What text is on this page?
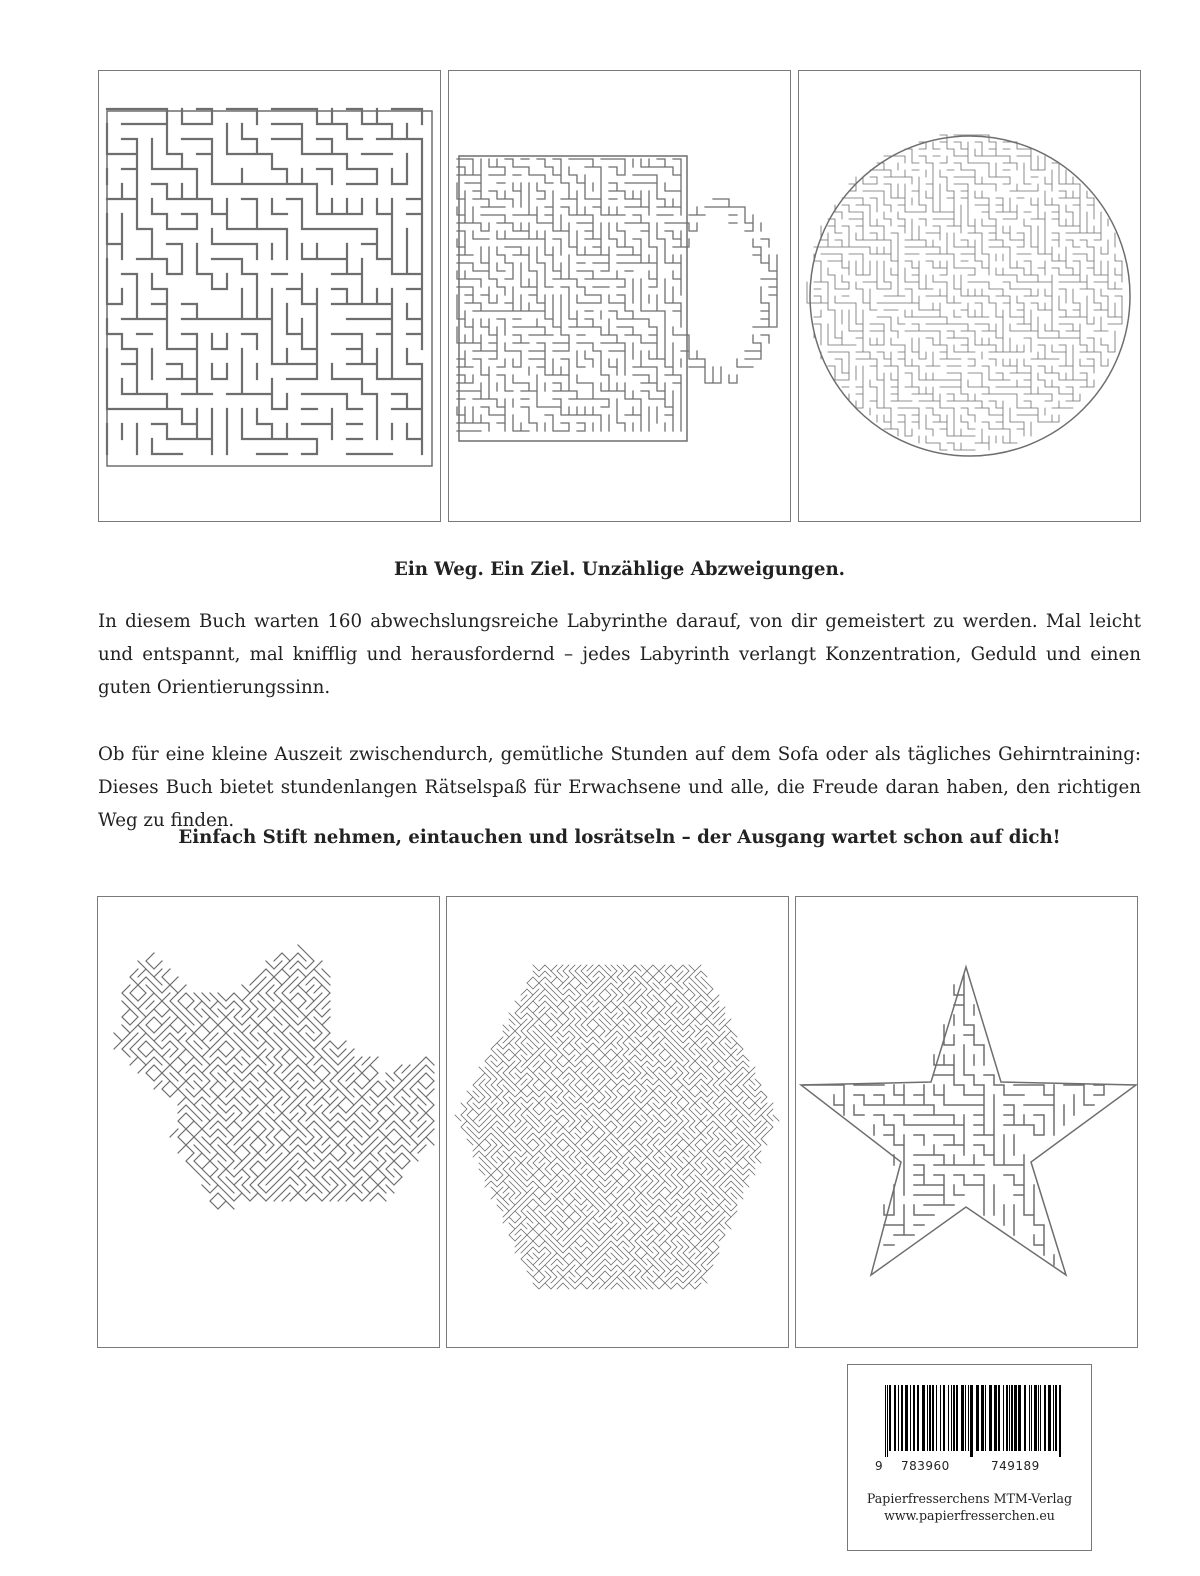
Ein Weg. Ein Ziel. Unzählige Abzweigungen.
In diesem Buch warten 160 abwechslungsreiche Labyrinthe darauf, von dir gemeistert zu werden. Mal leicht und entspannt, mal knifflig und herausfordernd – jedes Labyrinth verlangt Konzentration, Geduld und einen guten Orientierungssinn.
Ob für eine kleine Auszeit zwischendurch, gemütliche Stunden auf dem Sofa oder als tägliches Gehirntraining: Dieses Buch bietet stundenlangen Rätselspaß für Erwachsene und alle, die Freude daran haben, den richtigen Weg zu finden.
Einfach Stift nehmen, eintauchen und losrätseln – der Ausgang wartet schon auf dich!
9 783960	749189
Papierfresserchens MTM-Verlag
www.papierfresserchen.eu
